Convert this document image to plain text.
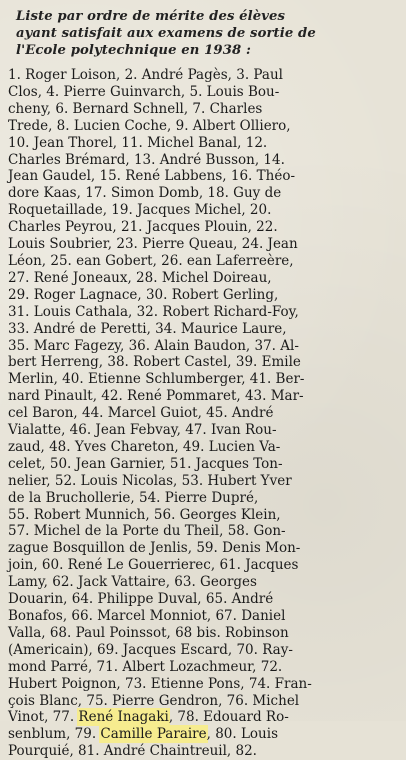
Liste par ordre de mérite des élèves
ayant satisfait aux examens de sortie de
l'Ecole polytechnique en 1938 :
1. Roger Loison, 2. André Pagès, 3. Paul
Clos, 4. Pierre Guinvarch, 5. Louis Bou-
cheny, 6. Bernard Schnell, 7. Charles
Trede, 8. Lucien Coche, 9. Albert Olliero,
10. Jean Thorel, 11. Michel Banal, 12.
Charles Brémard, 13. André Busson, 14.
Jean Gaudel, 15. René Labbens, 16. Théo-
dore Kaas, 17. Simon Domb, 18. Guy de
Roquetaillade, 19. Jacques Michel, 20.
Charles Peyrou, 21. Jacques Plouin, 22.
Louis Soubrier, 23. Pierre Queau, 24. Jean
Léon, 25. ean Gobert, 26. ean Laferreère,
27. René Joneaux, 28. Michel Doireau,
29. Roger Lagnace, 30. Robert Gerling,
31. Louis Cathala, 32. Robert Richard-Foy,
33. André de Peretti, 34. Maurice Laure,
35. Marc Fagezy, 36. Alain Baudon, 37. Al-
bert Herreng, 38. Robert Castel, 39. Emile
Merlin, 40. Etienne Schlumberger, 41. Ber-
nard Pinault, 42. René Pommaret, 43. Mar-
cel Baron, 44. Marcel Guiot, 45. André
Vialatte, 46. Jean Febvay, 47. Ivan Rou-
zaud, 48. Yves Chareton, 49. Lucien Va-
celet, 50. Jean Garnier, 51. Jacques Ton-
nelier, 52. Louis Nicolas, 53. Hubert Yver
de la Bruchollerie, 54. Pierre Dupré,
55. Robert Munnich, 56. Georges Klein,
57. Michel de la Porte du Theil, 58. Gon-
zague Bosquillon de Jenlis, 59. Denis Mon-
join, 60. René Le Gouerrierec, 61. Jacques
Lamy, 62. Jack Vattaire, 63. Georges
Douarin, 64. Philippe Duval, 65. André
Bonafos, 66. Marcel Monniot, 67. Daniel
Valla, 68. Paul Poinssot, 68 bis. Robinson
(Americain), 69. Jacques Escard, 70. Ray-
mond Parré, 71. Albert Lozachmeur, 72.
Hubert Poignon, 73. Etienne Pons, 74. Fran-
çois Blanc, 75. Pierre Gendron, 76. Michel
Vinot, 77. René Inagaki, 78. Edouard Ro-
senblum, 79. Camille Paraire, 80. Louis
Pourquié, 81. André Chaintreuil, 82.
